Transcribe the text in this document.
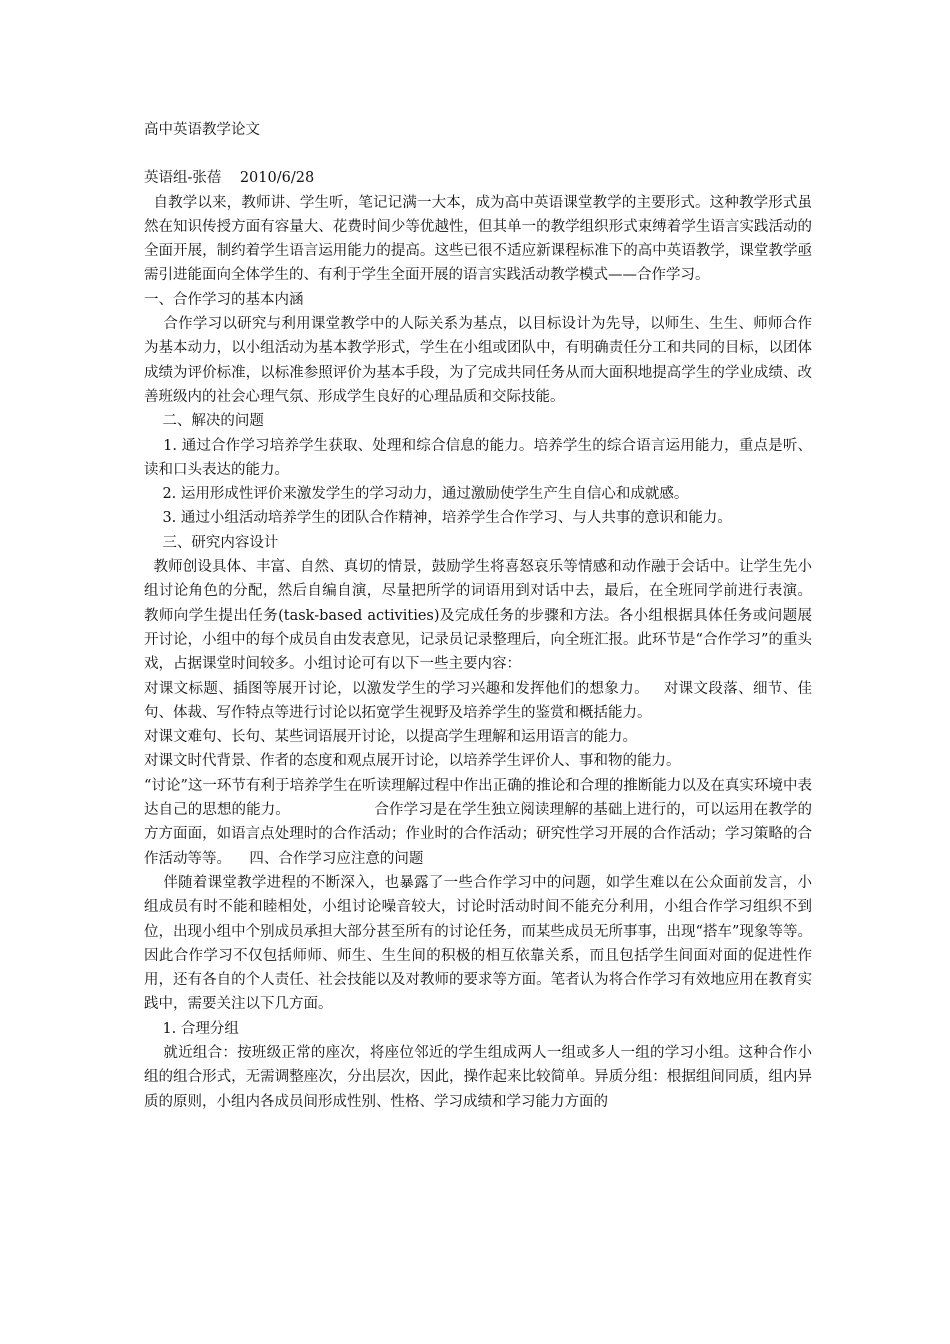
高中英语教学论文

英语组-张蓓    2010/6/28

自教学以来，教师讲、学生听，笔记记满一大本，成为高中英语课堂教学的主要形式。这种教学形式虽然在知识传授方面有容量大、花费时间少等优越性，但其单一的教学组织形式束缚着学生语言实践活动的全面开展，制约着学生语言运用能力的提高。这些已很不适应新课程标准下的高中英语教学，课堂教学亟需引进能面向全体学生的、有利于学生全面开展的语言实践活动教学模式——合作学习。

一、合作学习的基本内涵

合作学习以研究与利用课堂教学中的人际关系为基点，以目标设计为先导，以师生、生生、师师合作为基本动力，以小组活动为基本教学形式，学生在小组或团队中，有明确责任分工和共同的目标，以团体成绩为评价标准，以标准参照评价为基本手段，为了完成共同任务从而大面积地提高学生的学业成绩、改善班级内的社会心理气氛、形成学生良好的心理品质和交际技能。

二、解决的问题

1. 通过合作学习培养学生获取、处理和综合信息的能力。培养学生的综合语言运用能力，重点是听、读和口头表达的能力。

2. 运用形成性评价来激发学生的学习动力，通过激励使学生产生自信心和成就感。

3. 通过小组活动培养学生的团队合作精神，培养学生合作学习、与人共事的意识和能力。

三、研究内容设计

教师创设具体、丰富、自然、真切的情景，鼓励学生将喜怒哀乐等情感和动作融于会话中。让学生先小组讨论角色的分配，然后自编自演，尽量把所学的词语用到对话中去，最后，在全班同学前进行表演。              教师向学生提出任务(task-based activities)及完成任务的步骤和方法。各小组根据具体任务或问题展开讨论，小组中的每个成员自由发表意见，记录员记录整理后，向全班汇报。此环节是“合作学习”的重头戏，占据课堂时间较多。小组讨论可有以下一些主要内容：

对课文标题、插图等展开讨论，以激发学生的学习兴趣和发挥他们的想象力。   对课文段落、细节、佳句、体裁、写作特点等进行讨论以拓宽学生视野及培养学生的鉴赏和概括能力。

对课文难句、长句、某些词语展开讨论，以提高学生理解和运用语言的能力。

对课文时代背景、作者的态度和观点展开讨论，以培养学生评价人、事和物的能力。

“讨论”这一环节有利于培养学生在听读理解过程中作出正确的推论和合理的推断能力以及在真实环境中表达自己的思想的能力。                  合作学习是在学生独立阅读理解的基础上进行的，可以运用在教学的方方面面，如语言点处理时的合作活动；作业时的合作活动；研究性学习开展的合作活动；学习策略的合作活动等等。    四、合作学习应注意的问题

伴随着课堂教学进程的不断深入，也暴露了一些合作学习中的问题，如学生难以在公众面前发言，小组成员有时不能和睦相处，小组讨论噪音较大，讨论时活动时间不能充分利用，小组合作学习组织不到位，出现小组中个别成员承担大部分甚至所有的讨论任务，而某些成员无所事事，出现“搭车”现象等等。因此合作学习不仅包括师师、师生、生生间的积极的相互依靠关系，而且包括学生间面对面的促进性作用，还有各自的个人责任、社会技能以及对教师的要求等方面。笔者认为将合作学习有效地应用在教育实践中，需要关注以下几方面。

1. 合理分组

就近组合：按班级正常的座次，将座位邻近的学生组成两人一组或多人一组的学习小组。这种合作小组的组合形式，无需调整座次，分出层次，因此，操作起来比较简单。异质分组：根据组间同质，组内异质的原则，小组内各成员间形成性别、性格、学习成绩和学习能力方面的
